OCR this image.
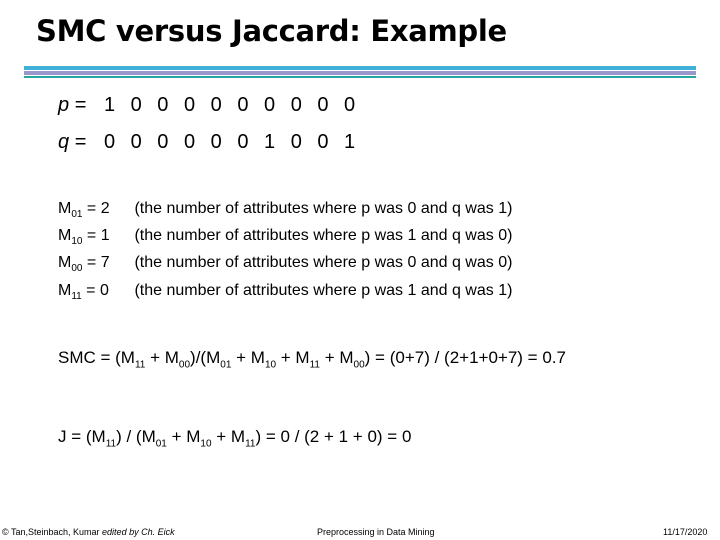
SMC versus Jaccard: Example
p = 1 0 0 0 0 0 0 0 0 0
q = 0 0 0 0 0 0 1 0 0 1
$M_{01} = 2$ (the number of attributes where p was 0 and q was 1)
$M_{10} = 1$ (the number of attributes where p was 1 and q was 0)
$M_{00} = 7$ (the number of attributes where p was 0 and q was 0)
$M_{11} = 0$ (the number of attributes where p was 1 and q was 1)
SMC = $(M_{11} + M_{00})/(M_{01} + M_{10} + M_{11} + M_{00}) = (0+7) / (2+1+0+7) = 0.7$
$J = (M_{11}) / (M_{01} + M_{10} + M_{11}) = 0 / (2 + 1 + 0) = 0$
© Tan,Steinbach, Kumar edited by Ch. Eick	Preprocessing in Data Mining	11/17/2020
